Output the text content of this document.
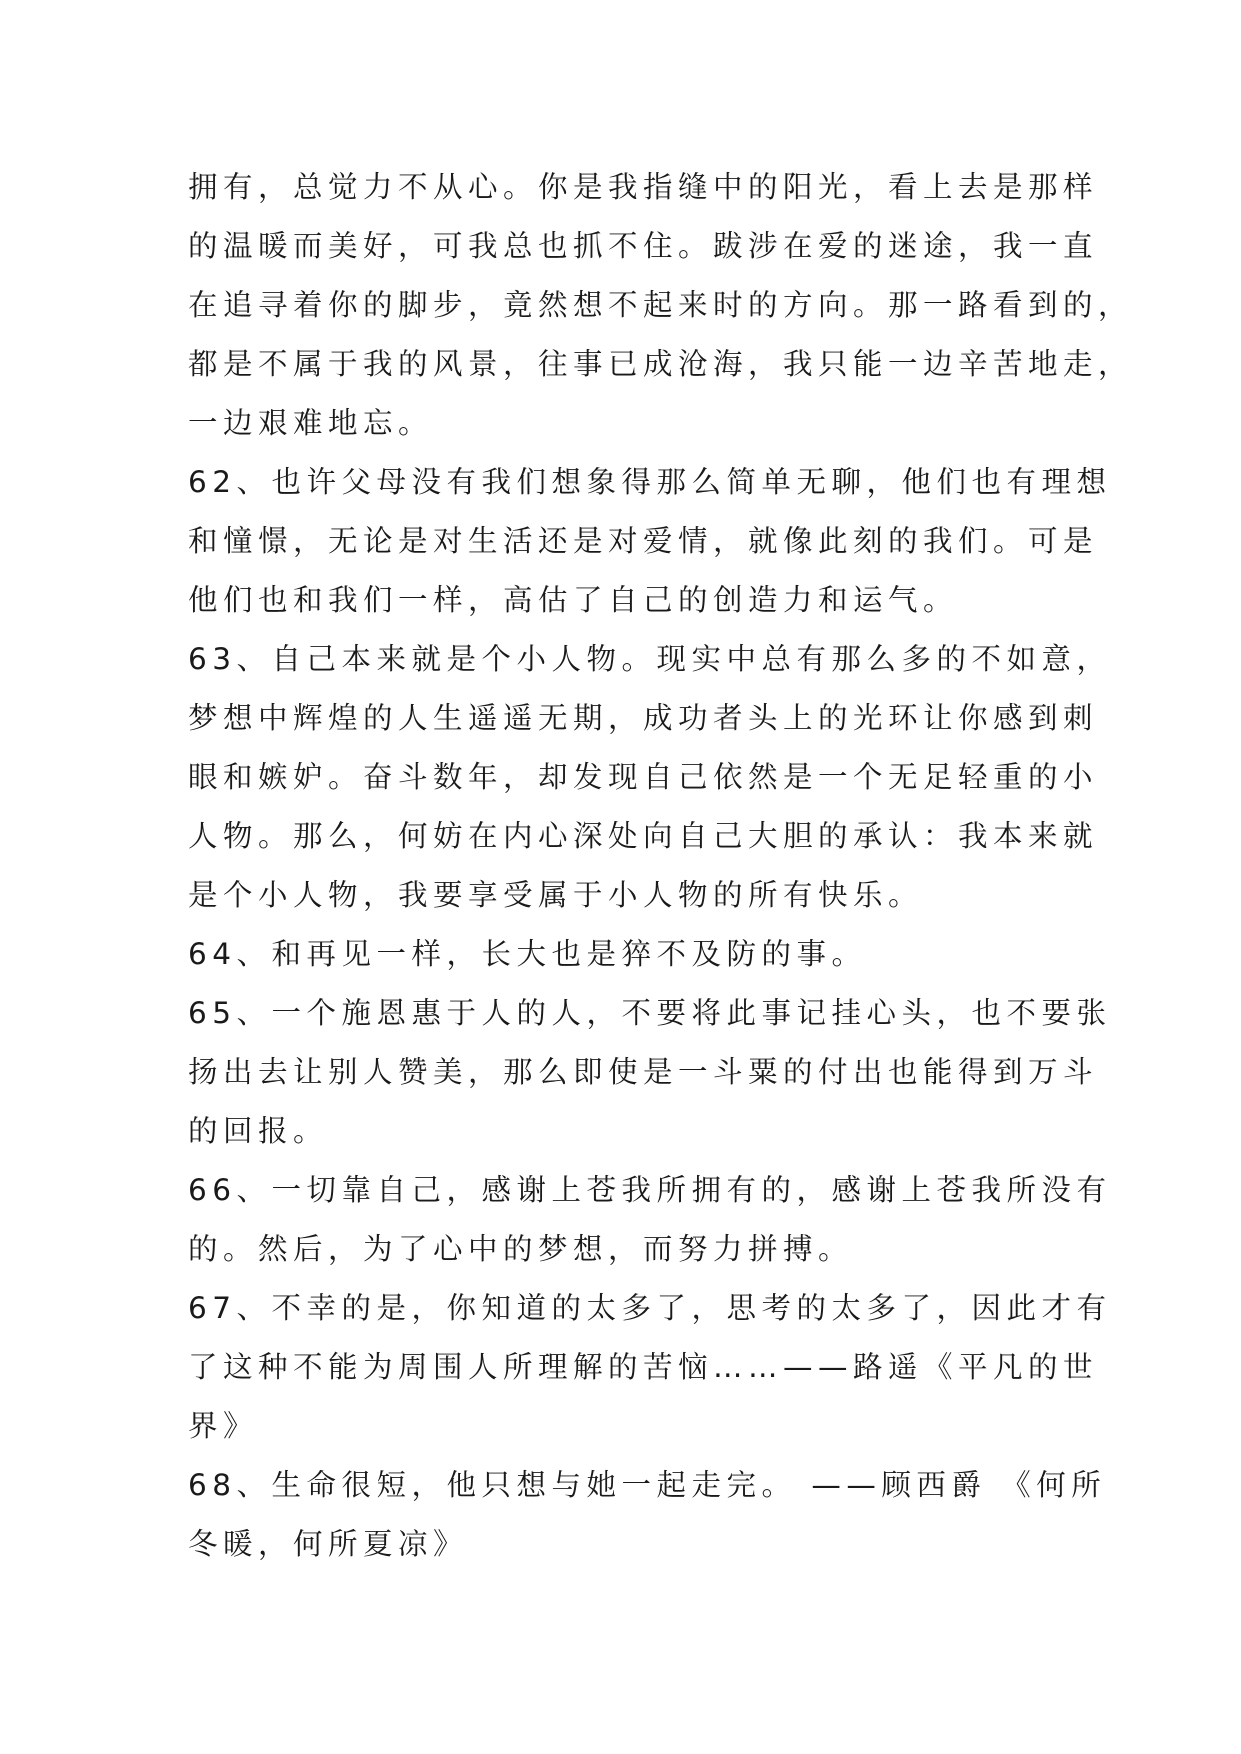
拥有，总觉力不从心。你是我指缝中的阳光，看上去是那样
的温暖而美好，可我总也抓不住。跋涉在爱的迷途，我一直
在追寻着你的脚步，竟然想不起来时的方向。那一路看到的，
都是不属于我的风景，往事已成沧海，我只能一边辛苦地走，
一边艰难地忘。
62、也许父母没有我们想象得那么简单无聊，他们也有理想
和憧憬，无论是对生活还是对爱情，就像此刻的我们。可是
他们也和我们一样，高估了自己的创造力和运气。
63、自己本来就是个小人物。现实中总有那么多的不如意，
梦想中辉煌的人生遥遥无期，成功者头上的光环让你感到刺
眼和嫉妒。奋斗数年，却发现自己依然是一个无足轻重的小
人物。那么，何妨在内心深处向自己大胆的承认：我本来就
是个小人物，我要享受属于小人物的所有快乐。
64、和再见一样，长大也是猝不及防的事。
65、一个施恩惠于人的人，不要将此事记挂心头，也不要张
扬出去让别人赞美，那么即使是一斗粟的付出也能得到万斗
的回报。
66、一切靠自己，感谢上苍我所拥有的，感谢上苍我所没有
的。然后，为了心中的梦想，而努力拼搏。
67、不幸的是，你知道的太多了，思考的太多了，因此才有
了这种不能为周围人所理解的苦恼……——路遥《平凡的世
界》
68、生命很短，他只想与她一起走完。 ——顾西爵 《何所
冬暖，何所夏凉》
